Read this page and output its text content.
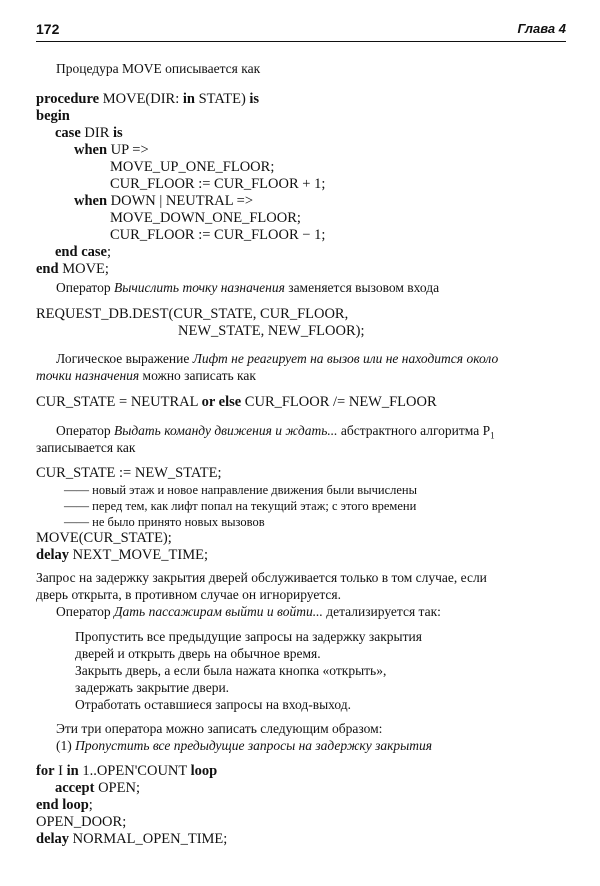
172	Глава 4
Процедура MOVE описывается как
procedure MOVE(DIR: in STATE) is
begin
case DIR is
when UP =>
MOVE_UP_ONE_FLOOR;
CUR_FLOOR := CUR_FLOOR + 1;
when DOWN | NEUTRAL =>
MOVE_DOWN_ONE_FLOOR;
CUR_FLOOR := CUR_FLOOR − 1;
end case;
end MOVE;
Оператор Вычислить точку назначения заменяется вызовом входа
REQUEST_DB.DEST(CUR_STATE, CUR_FLOOR,
NEW_STATE, NEW_FLOOR);
Логическое выражение Лифт не реагирует на вызов или не находится около
точки назначения можно записать как
CUR_STATE = NEUTRAL or else CUR_FLOOR /= NEW_FLOOR
Оператор Выдать команду движения и ждать... абстрактного алгоритма $P_1$
записывается как
CUR_STATE := NEW_STATE;
—— новый этаж и новое направление движения были вычислены
—— перед тем, как лифт попал на текущий этаж; с этого времени
—— не было принято новых вызовов
MOVE(CUR_STATE);
delay NEXT_MOVE_TIME;
Запрос на задержку закрытия дверей обслуживается только в том случае, если
дверь открыта, в противном случае он игнорируется.
Оператор Дать пассажирам выйти и войти... детализируется так:
Пропустить все предыдущие запросы на задержку закрытия
дверей и открыть дверь на обычное время.
Закрыть дверь, а если была нажата кнопка «открыть»,
задержать закрытие двери.
Отработать оставшиеся запросы на вход-выход.
Эти три оператора можно записать следующим образом:
(1) Пропустить все предыдущие запросы на задержку закрытия
for I in 1..OPEN'COUNT loop
accept OPEN;
end loop;
OPEN_DOOR;
delay NORMAL_OPEN_TIME;
